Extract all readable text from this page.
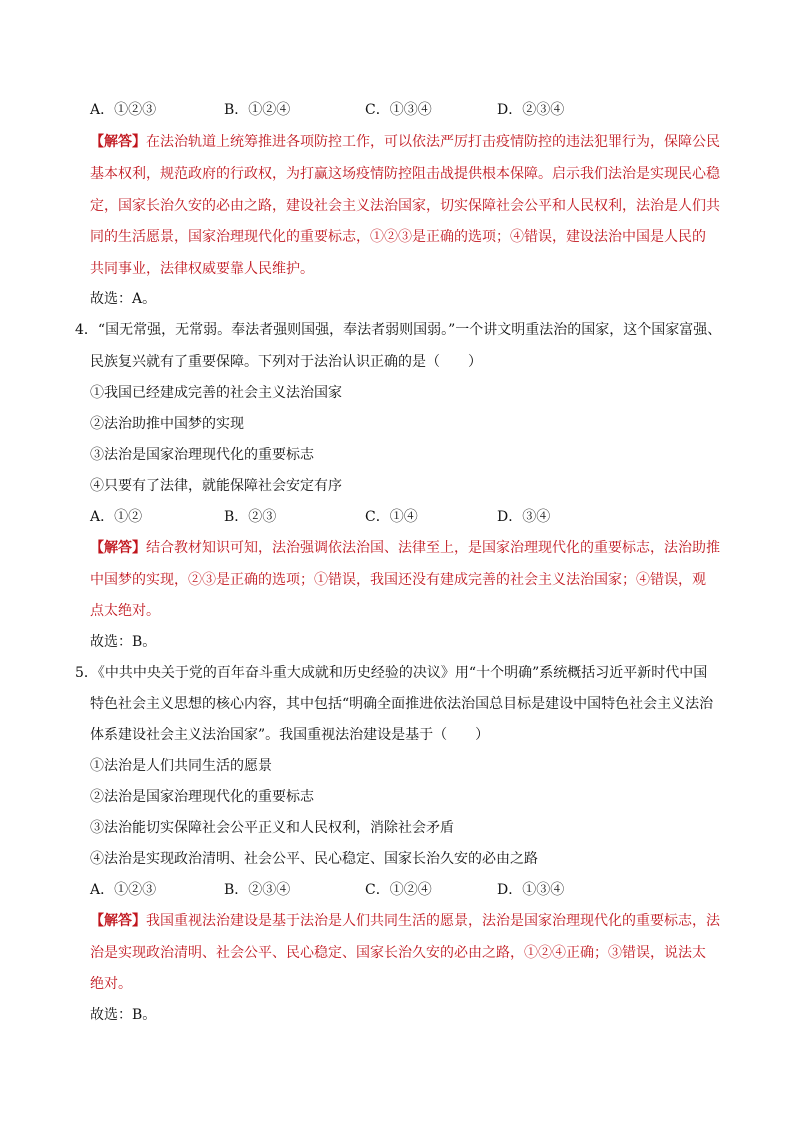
A．①②③	B．①②④	C．①③④	D．②③④
【解答】在法治轨道上统筹推进各项防控工作，可以依法严厉打击疫情防控的违法犯罪行为，保障公民
基本权利，规范政府的行政权，为打赢这场疫情防控阻击战提供根本保障。启示我们法治是实现民心稳
定，国家长治久安的必由之路，建设社会主义法治国家，切实保障社会公平和人民权利，法治是人们共
同的生活愿景，国家治理现代化的重要标志，①②③是正确的选项；④错误，建设法治中国是人民的
共同事业，法律权威要靠人民维护。
故选：A。
4．“国无常强，无常弱。奉法者强则国强，奉法者弱则国弱。”一个讲文明重法治的国家，这个国家富强、
民族复兴就有了重要保障。下列对于法治认识正确的是（　　）
①我国已经建成完善的社会主义法治国家
②法治助推中国梦的实现
③法治是国家治理现代化的重要标志
④只要有了法律，就能保障社会安定有序
A．①②	B．②③	C．①④	D．③④
【解答】结合教材知识可知，法治强调依法治国、法律至上，是国家治理现代化的重要标志，法治助推
中国梦的实现，②③是正确的选项；①错误，我国还没有建成完善的社会主义法治国家；④错误，观
点太绝对。
故选：B。
5．《中共中央关于党的百年奋斗重大成就和历史经验的决议》用“十个明确”系统概括习近平新时代中国
特色社会主义思想的核心内容，其中包括“明确全面推进依法治国总目标是建设中国特色社会主义法治
体系建设社会主义法治国家”。我国重视法治建设是基于（　　）
①法治是人们共同生活的愿景
②法治是国家治理现代化的重要标志
③法治能切实保障社会公平正义和人民权利，消除社会矛盾
④法治是实现政治清明、社会公平、民心稳定、国家长治久安的必由之路
A．①②③	B．②③④	C．①②④	D．①③④
【解答】我国重视法治建设是基于法治是人们共同生活的愿景，法治是国家治理现代化的重要标志，法
治是实现政治清明、社会公平、民心稳定、国家长治久安的必由之路，①②④正确；③错误，说法太
绝对。
故选：B。
